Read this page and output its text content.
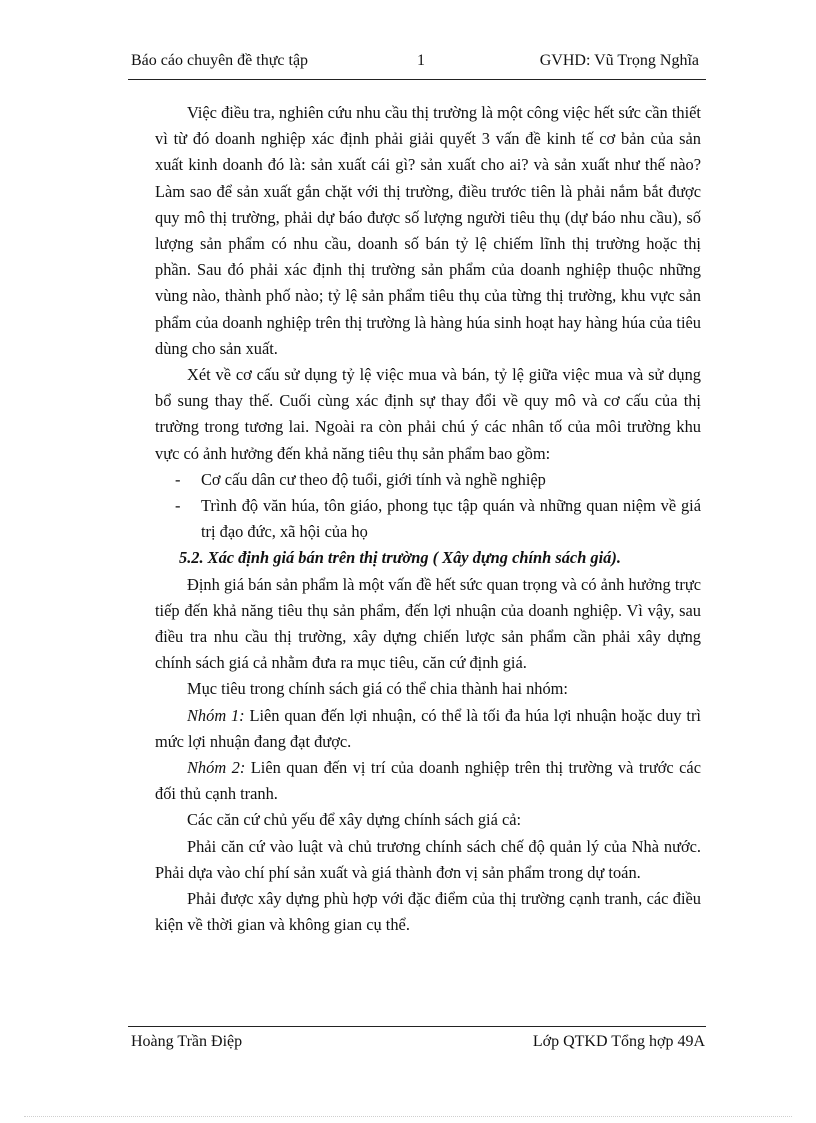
Báo cáo chuyên đề thực tập	1	GVHD: Vũ Trọng Nghĩa

Việc điều tra, nghiên cứu nhu cầu thị trường là một công việc hết sức cần thiết vì từ đó doanh nghiệp xác định phải giải quyết 3 vấn đề kinh tế cơ bản của sản xuất kinh doanh đó là: sản xuất cái gì? sản xuất cho ai? và sản xuất như thế nào? Làm sao để sản xuất gắn chặt với thị trường, điều trước tiên là phải nắm bắt được quy mô thị trường, phải dự báo được số lượng người tiêu thụ (dự báo nhu cầu), số lượng sản phẩm có nhu cầu, doanh số bán tỷ lệ chiếm lĩnh thị trường hoặc thị phần. Sau đó phải xác định thị trường sản phẩm của doanh nghiệp thuộc những vùng nào, thành phố nào; tỷ lệ sản phẩm tiêu thụ của từng thị trường, khu vực sản phẩm của doanh nghiệp trên thị trường là hàng húa sinh hoạt hay hàng húa của tiêu dùng cho sản xuất.

Xét về cơ cấu sử dụng tỷ lệ việc mua và bán, tỷ lệ giữa việc mua và sử dụng bổ sung thay thế. Cuối cùng xác định sự thay đổi về quy mô và cơ cấu của thị trường trong tương lai. Ngoài ra còn phải chú ý các nhân tố của môi trường khu vực có ảnh hưởng đến khả năng tiêu thụ sản phẩm bao gồm:

- Cơ cấu dân cư theo độ tuổi, giới tính và nghề nghiệp

- Trình độ văn húa, tôn giáo, phong tục tập quán và những quan niệm về giá trị đạo đức, xã hội của họ

5.2. Xác định giá bán trên thị trường ( Xây dựng chính sách giá).

Định giá bán sản phẩm là một vấn đề hết sức quan trọng và có ảnh hưởng trực tiếp đến khả năng tiêu thụ sản phẩm, đến lợi nhuận của doanh nghiệp. Vì vậy, sau điều tra nhu cầu thị trường, xây dựng chiến lược sản phẩm cần phải xây dựng chính sách giá cả nhằm đưa ra mục tiêu, căn cứ định giá.

Mục tiêu trong chính sách giá có thể chia thành hai nhóm:

Nhóm 1: Liên quan đến lợi nhuận, có thể là tối đa húa lợi nhuận hoặc duy trì mức lợi nhuận đang đạt được.

Nhóm 2: Liên quan đến vị trí của doanh nghiệp trên thị trường và trước các đối thủ cạnh tranh.

Các căn cứ chủ yếu để xây dựng chính sách giá cả:

Phải căn cứ vào luật và chủ trương chính sách chế độ quản lý của Nhà nước. Phải dựa vào chí phí sản xuất và giá thành đơn vị sản phẩm trong dự toán.

Phải được xây dựng phù hợp với đặc điểm của thị trường cạnh tranh, các điều kiện về thời gian và không gian cụ thể.

Hoàng Trần Điệp	Lớp QTKD Tổng hợp 49A
